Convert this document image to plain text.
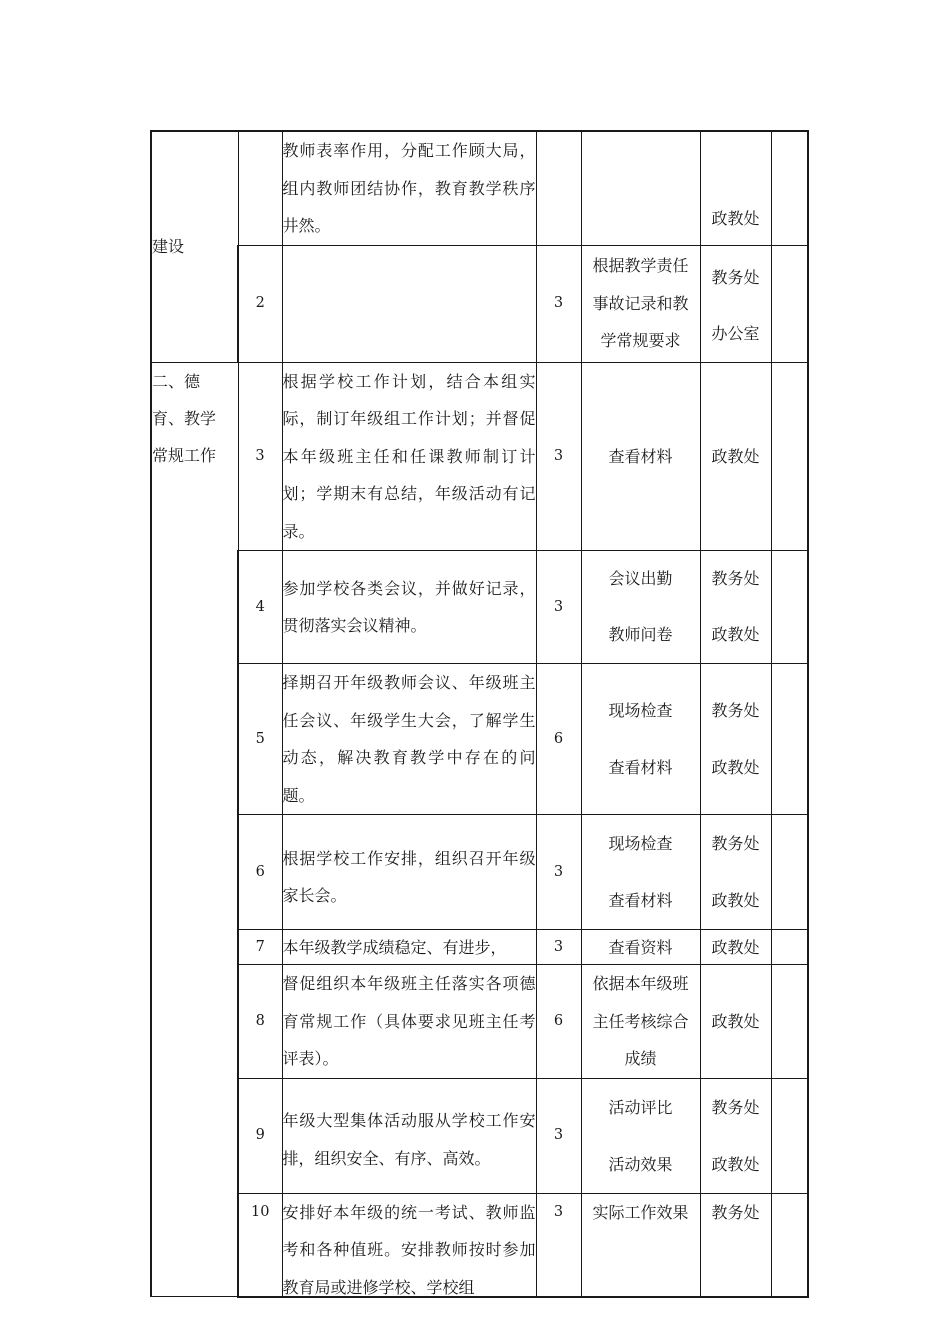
建设		教师表率作用，分配工作顾大局，组内教师团结协作，教育教学秩序井然。			政教处	
	2		3	根据教学责任
事故记录和教
学常规要求	教务处
办公室	

二、德
育、教学
常规工作	3	根据学校工作计划，结合本组实际，制订年级组工作计划；并督促本年级班主任和任课教师制订计划；学期末有总结，年级活动有记录。	3	查看材料	政教处	
	4	参加学校各类会议，并做好记录，贯彻落实会议精神。	3	会议出勤
教师问卷	教务处
政教处	

	5	择期召开年级教师会议、年级班主任会议、年级学生大会，了解学生动态，解决教育教学中存在的问题。	6	现场检查
查看材料	教务处
政教处	

	6	根据学校工作安排，组织召开年级家长会。	3	现场检查
查看材料	教务处
政教处	

	7	本年级教学成绩稳定、有进步，	3	查看资料	政教处	
	8	督促组织本年级班主任落实各项德育常规工作（具体要求见班主任考评表）。	6	依据本年级班
主任考核综合
成绩	政教处	
	9	年级大型集体活动服从学校工作安排，组织安全、有序、高效。	3	活动评比
活动效果	教务处
政教处	

	10	安排好本年级的统一考试、教师监考和各种值班。安排教师按时参加教育局或进修学校、学校组	3	实际工作效果	教务处	
